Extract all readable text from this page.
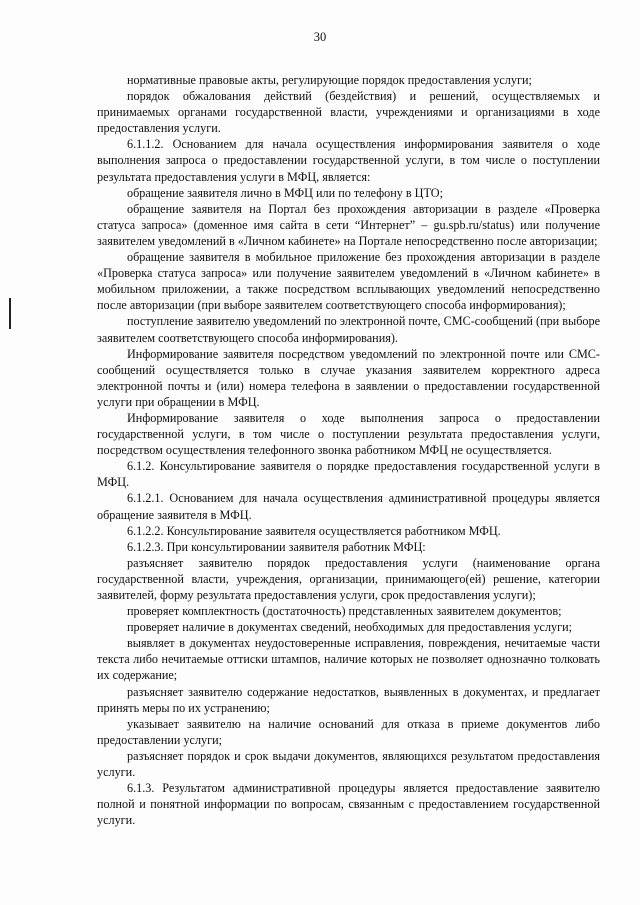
30

нормативные правовые акты, регулирующие порядок предоставления услуги;

порядок обжалования действий (бездействия) и решений, осуществляемых и принимаемых органами государственной власти, учреждениями и организациями в ходе предоставления услуги.

6.1.1.2. Основанием для начала осуществления информирования заявителя о ходе выполнения запроса о предоставлении государственной услуги, в том числе о поступлении результата предоставления услуги в МФЦ, является:

обращение заявителя лично в МФЦ или по телефону в ЦТО;

обращение заявителя на Портал без прохождения авторизации в разделе «Проверка статуса запроса» (доменное имя сайта в сети “Интернет” – gu.spb.ru/status) или получение заявителем уведомлений в «Личном кабинете» на Портале непосредственно после авторизации;

обращение заявителя в мобильное приложение без прохождения авторизации в разделе «Проверка статуса запроса» или получение заявителем уведомлений в «Личном кабинете» в мобильном приложении, а также посредством всплывающих уведомлений непосредственно после авторизации (при выборе заявителем соответствующего способа информирования);

поступление заявителю уведомлений по электронной почте, СМС-сообщений (при выборе заявителем соответствующего способа информирования).

Информирование заявителя посредством уведомлений по электронной почте или СМС-сообщений осуществляется только в случае указания заявителем корректного адреса электронной почты и (или) номера телефона в заявлении о предоставлении государственной услуги при обращении в МФЦ.

Информирование заявителя о ходе выполнения запроса о предоставлении государственной услуги, в том числе о поступлении результата предоставления услуги, посредством осуществления телефонного звонка работником МФЦ не осуществляется.

6.1.2. Консультирование заявителя о порядке предоставления государственной услуги в МФЦ.

6.1.2.1. Основанием для начала осуществления административной процедуры является обращение заявителя в МФЦ.

6.1.2.2. Консультирование заявителя осуществляется работником МФЦ.

6.1.2.3. При консультировании заявителя работник МФЦ:

разъясняет заявителю порядок предоставления услуги (наименование органа государственной власти, учреждения, организации, принимающего(ей) решение, категории заявителей, форму результата предоставления услуги, срок предоставления услуги);

проверяет комплектность (достаточность) представленных заявителем документов;

проверяет наличие в документах сведений, необходимых для предоставления услуги;

выявляет в документах неудостоверенные исправления, повреждения, нечитаемые части текста либо нечитаемые оттиски штампов, наличие которых не позволяет однозначно толковать их содержание;

разъясняет заявителю содержание недостатков, выявленных в документах, и предлагает принять меры по их устранению;

указывает заявителю на наличие оснований для отказа в приеме документов либо предоставлении услуги;

разъясняет порядок и срок выдачи документов, являющихся результатом предоставления услуги.

6.1.3. Результатом административной процедуры является предоставление заявителю полной и понятной информации по вопросам, связанным с предоставлением государственной услуги.
